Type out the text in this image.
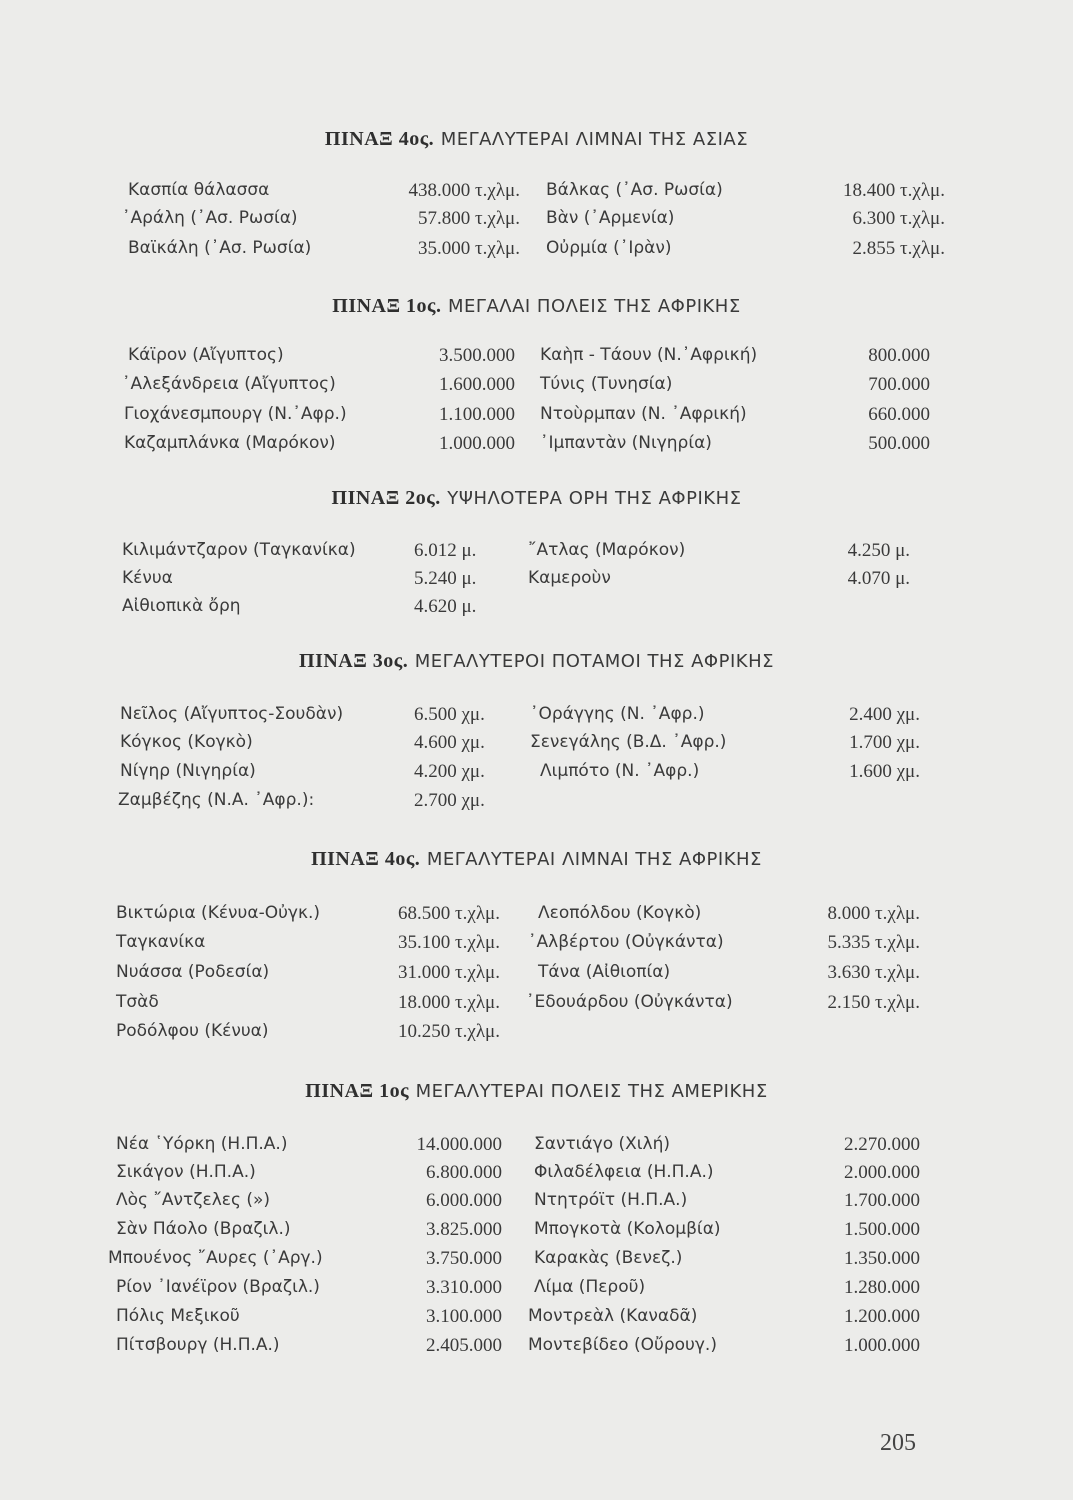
ΠΙΝΑΞ 4ος. ΜΕΓΑΛΥΤΕΡΑΙ ΛΙΜΝΑΙ ΤΗΣ ΑΣΙΑΣ
Κασπία θάλασσα	438.000 τ.χλμ. Βάλκας (᾿Ασ. Ρωσία)	18.400 τ.χλμ.
᾿Αράλη (᾿Ασ. Ρωσία)	57.800 τ.χλμ. Βὰν (᾿Αρμενία)	6.300 τ.χλμ.
Βαϊκάλη (᾿Ασ. Ρωσία)	35.000 τ.χλμ. Οὐρμία (᾿Ιρὰν)	2.855 τ.χλμ.
ΠΙΝΑΞ 1ος. ΜΕΓΑΛΑΙ ΠΟΛΕΙΣ ΤΗΣ ΑΦΡΙΚΗΣ
Κάϊρον (Αἴγυπτος)	3.500.000 Καὴπ - Τάουν (Ν.᾿Αφρική)	800.000
᾿Αλεξάνδρεια (Αἴγυπτος)	1.600.000 Τύνις (Τυνησία)	700.000
Γιοχάνεσμπουργ (Ν.᾿Αφρ.)	1.100.000 Ντοὺρμπαν (Ν. ᾿Αφρική)	660.000
Καζαμπλάνκα (Μαρόκον)	1.000.000 ᾿Ιμπαντὰν (Νιγηρία)	500.000
ΠΙΝΑΞ 2ος. ΥΨΗΛΟΤΕΡΑ ΟΡΗ ΤΗΣ ΑΦΡΙΚΗΣ
Κιλιμάντζαρον (Ταγκανίκα)	6.012 μ.	῎Ατλας (Μαρόκον)	4.250 μ.
Κένυα	5.240 μ.	Καμεροὺν	4.070 μ.
Αἰθιοπικὰ ὄρη	4.620 μ.
ΠΙΝΑΞ 3ος. ΜΕΓΑΛΥΤΕΡΟΙ ΠΟΤΑΜΟΙ ΤΗΣ ΑΦΡΙΚΗΣ
Νεῖλος (Αἴγυπτος-Σουδὰν)	6.500 χμ.	᾿Οράγγης (Ν. ᾿Αφρ.)	2.400 χμ.
Κόγκος (Κογκὸ)	4.600 χμ.	Σενεγάλης (Β.Δ. ᾿Αφρ.)	1.700 χμ.
Νίγηρ (Νιγηρία)	4.200 χμ.	Λιμπότο (Ν. ᾿Αφρ.)	1.600 χμ.
Ζαμβέζης (Ν.Α. ᾿Αφρ.):	2.700 χμ.
ΠΙΝΑΞ 4ος. ΜΕΓΑΛΥΤΕΡΑΙ ΛΙΜΝΑΙ ΤΗΣ ΑΦΡΙΚΗΣ
Βικτώρια (Κένυα-Οὐγκ.)	68.500 τ.χλμ. Λεοπόλδου (Κογκὸ)	8.000 τ.χλμ.
Ταγκανίκα	35.100 τ.χλμ. ᾿Αλβέρτου (Οὐγκάντα)	5.335 τ.χλμ.
Νυάσσα (Ροδεσία)	31.000 τ.χλμ. Τάνα (Αἰθιοπία)	3.630 τ.χλμ.
Τσὰδ	18.000 τ.χλμ. ᾿Εδουάρδου (Οὐγκάντα)	2.150 τ.χλμ.
Ροδόλφου (Κένυα)	10.250 τ.χλμ.
ΠΙΝΑΞ 1ος ΜΕΓΑΛΥΤΕΡΑΙ ΠΟΛΕΙΣ ΤΗΣ ΑΜΕΡΙΚΗΣ
Νέα ῾Υόρκη (Η.Π.Α.)	14.000.000 Σαντιάγο (Χιλή)	2.270.000
Σικάγον (Η.Π.Α.)	6.800.000 Φιλαδέλφεια (Η.Π.Α.)	2.000.000
Λὸς ῎Αντζελες (»)	6.000.000 Ντητρόϊτ (Η.Π.Α.)	1.700.000
Σὰν Πάολο (Βραζιλ.)	3.825.000 Μπογκοτὰ (Κολομβία)	1.500.000
Μπουένος ῎Αυρες (᾿Αργ.)	3.750.000 Καρακὰς (Βενεζ.)	1.350.000
Ρίον ᾿Ιανέϊρον (Βραζιλ.)	3.310.000 Λίμα (Περοῦ)	1.280.000
Πόλις Μεξικοῦ	3.100.000 Μοντρεὰλ (Καναδᾶ)	1.200.000
Πίτσβουργ (Η.Π.Α.)	2.405.000 Μοντεβίδεο (Οὔρουγ.)	1.000.000
205
